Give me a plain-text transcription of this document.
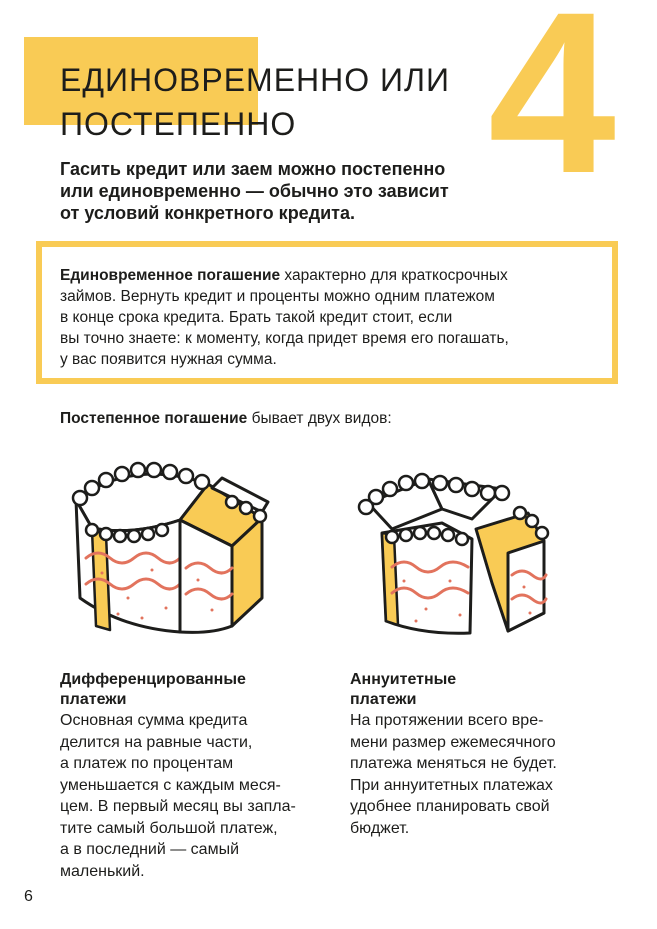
4
ЕДИНОВРЕМЕННО ИЛИ
ПОСТЕПЕННО

Гасить кредит или заем можно постепенно
или единовременно — обычно это зависит
от условий конкретного кредита.

Единовременное погашение характерно для краткосрочных
займов. Вернуть кредит и проценты можно одним платежом
в конце срока кредита. Брать такой кредит стоит, если
вы точно знаете: к моменту, когда придет время его погашать,
у вас появится нужная сумма.

Постепенное погашение бывает двух видов:

Дифференцированные
платежи

Основная сумма кредита
делится на равные части,
а платеж по процентам
уменьшается с каждым меся-
цем. В первый месяц вы запла-
тите самый большой платеж,
а в последний — самый
маленький.

Аннуитетные
платежи

На протяжении всего вре-
мени размер ежемесячного
платежа меняться не будет.
При аннуитетных платежах
удобнее планировать свой
бюджет.

6
